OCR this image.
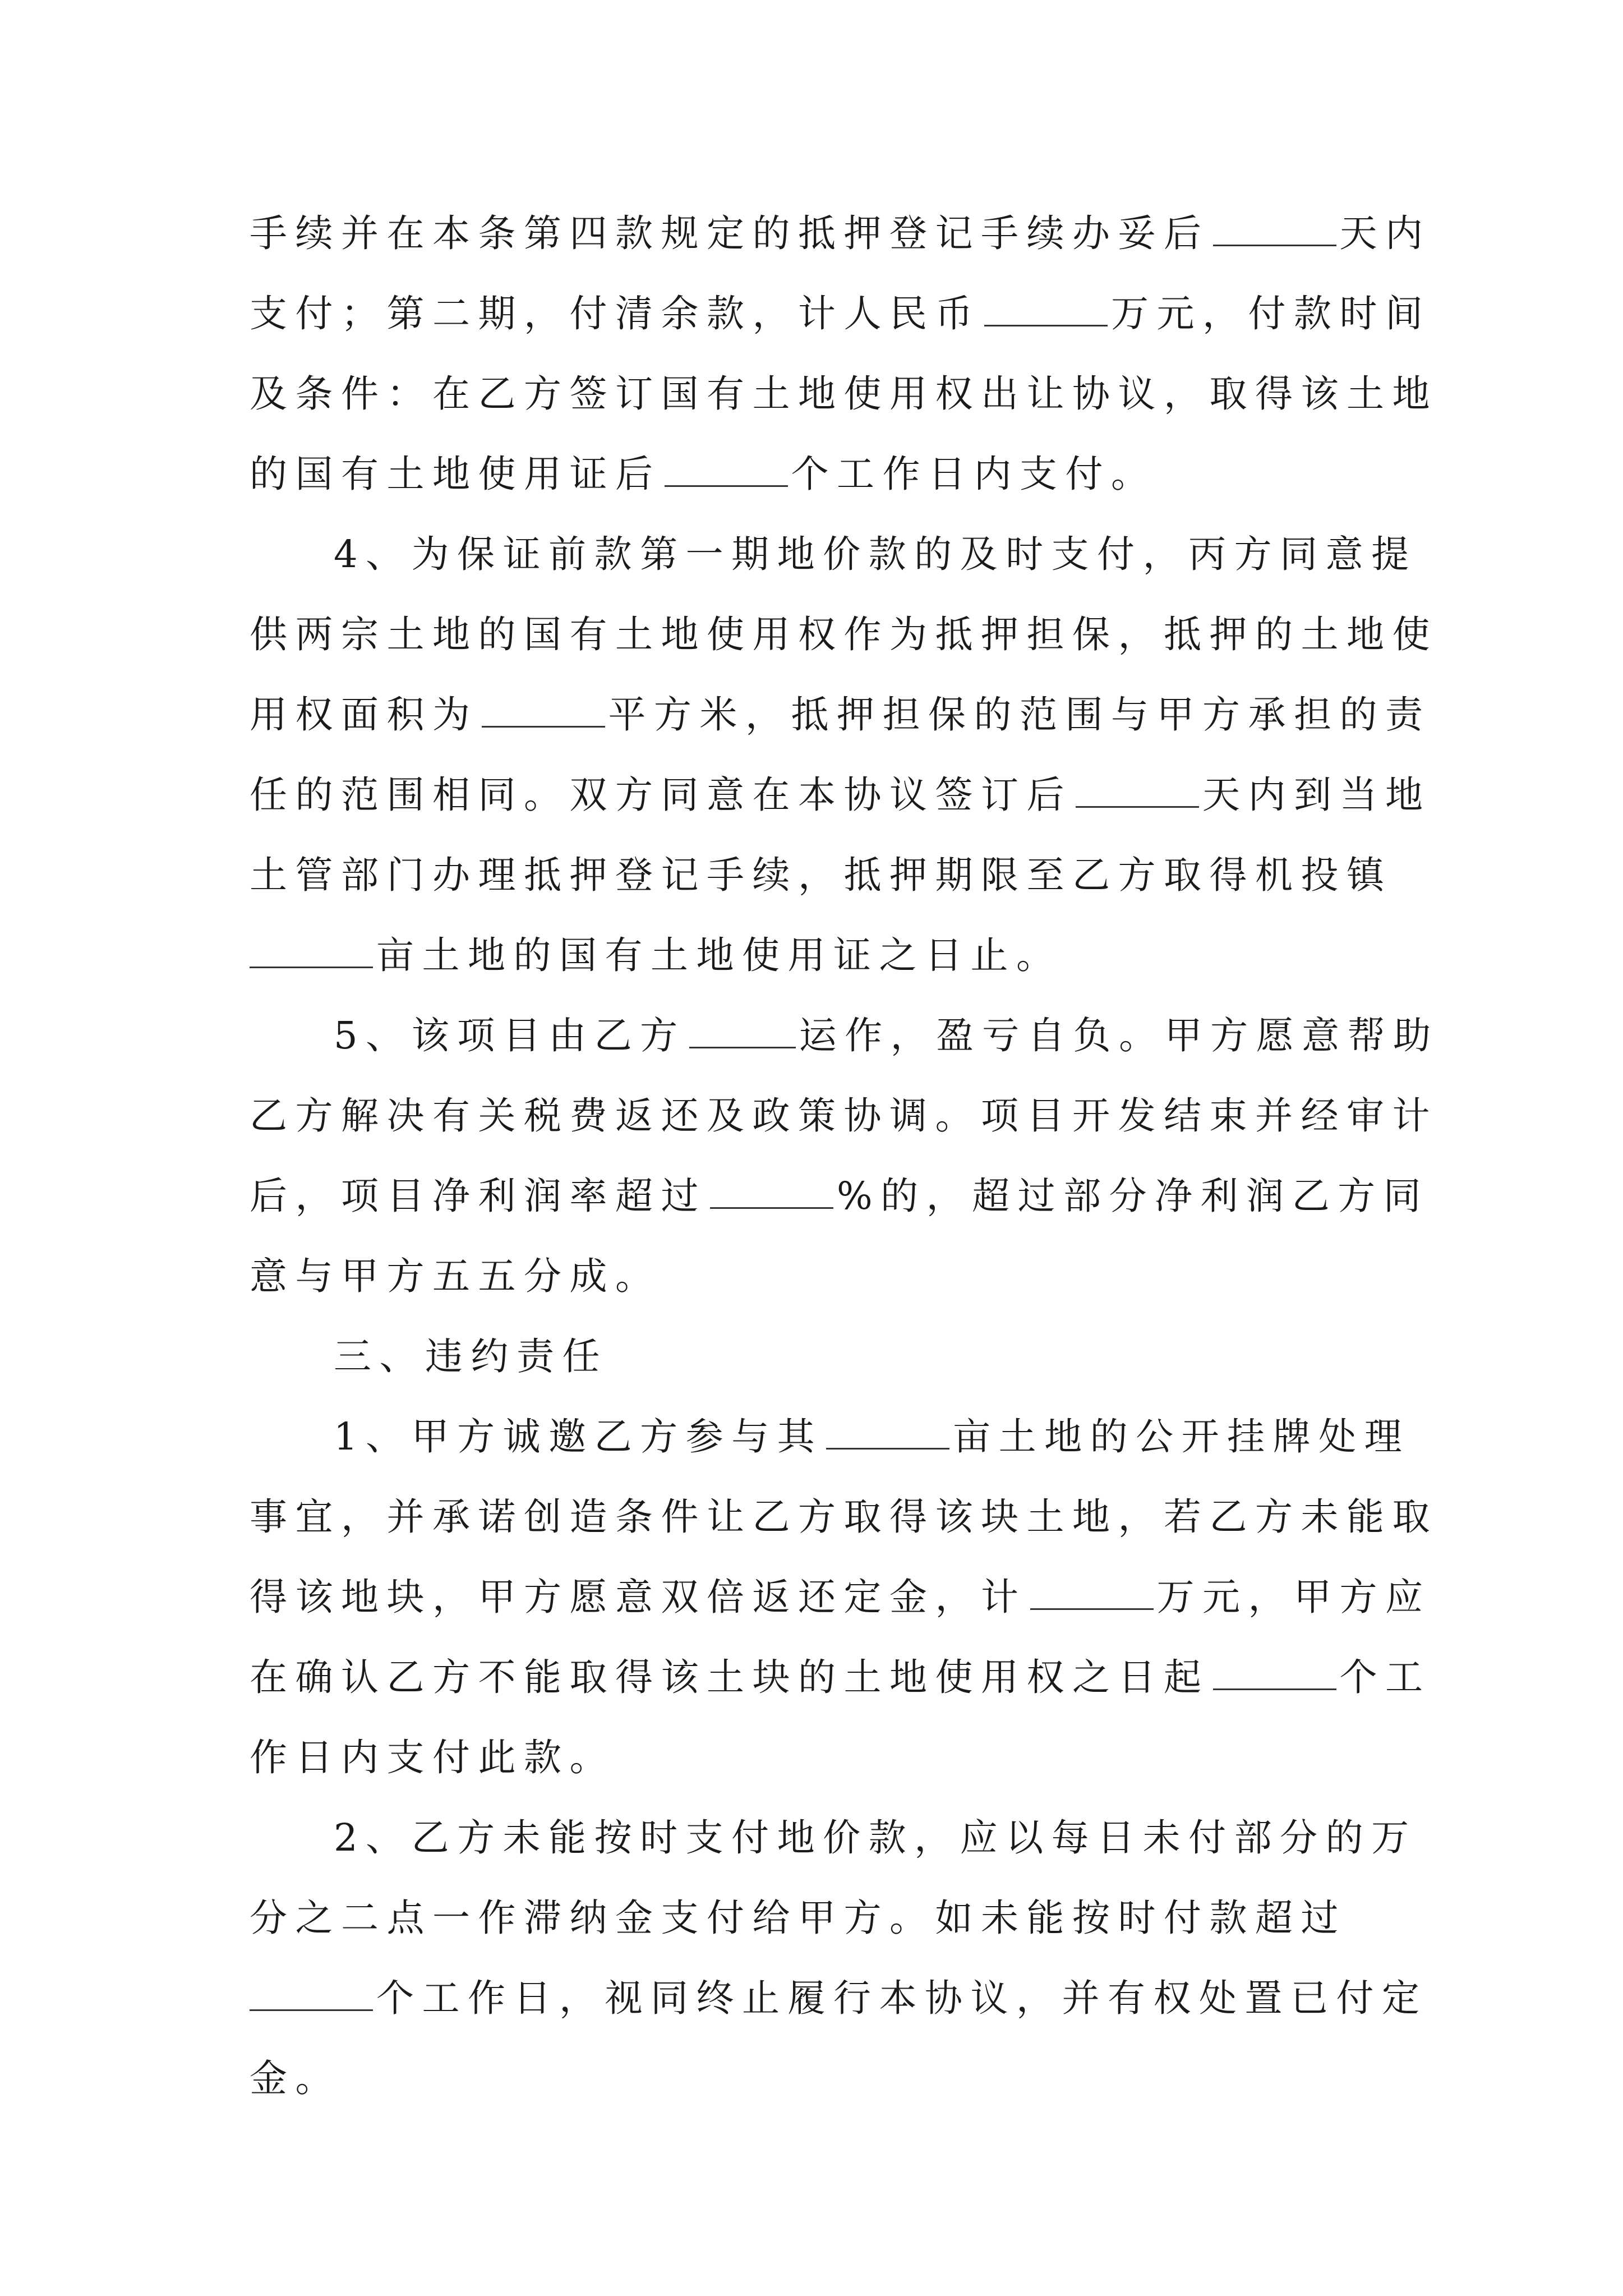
手续并在本条第四款规定的抵押登记手续办妥后	天内
支付；第二期，付清余款，计人民币	万元，付款时间
及条件：在乙方签订国有土地使用权出让协议，取得该土地
的国有土地使用证后	个工作日内支付。
4、为保证前款第一期地价款的及时支付，丙方同意提
供两宗土地的国有土地使用权作为抵押担保，抵押的土地使
用权面积为	平方米，抵押担保的范围与甲方承担的责
任的范围相同。双方同意在本协议签订后	天内到当地
土管部门办理抵押登记手续，抵押期限至乙方取得机投镇
亩土地的国有土地使用证之日止。
5、该项目由乙方	运作，盈亏自负。甲方愿意帮助
乙方解决有关税费返还及政策协调。项目开发结束并经审计
后，项目净利润率超过	%的，超过部分净利润乙方同
意与甲方五五分成。
三、违约责任
1、甲方诚邀乙方参与其	亩土地的公开挂牌处理
事宜，并承诺创造条件让乙方取得该块土地，若乙方未能取
得该地块，甲方愿意双倍返还定金，计	万元，甲方应
在确认乙方不能取得该土块的土地使用权之日起	个工
作日内支付此款。
2、乙方未能按时支付地价款，应以每日未付部分的万
分之二点一作滞纳金支付给甲方。如未能按时付款超过
个工作日，视同终止履行本协议，并有权处置已付定
金。
